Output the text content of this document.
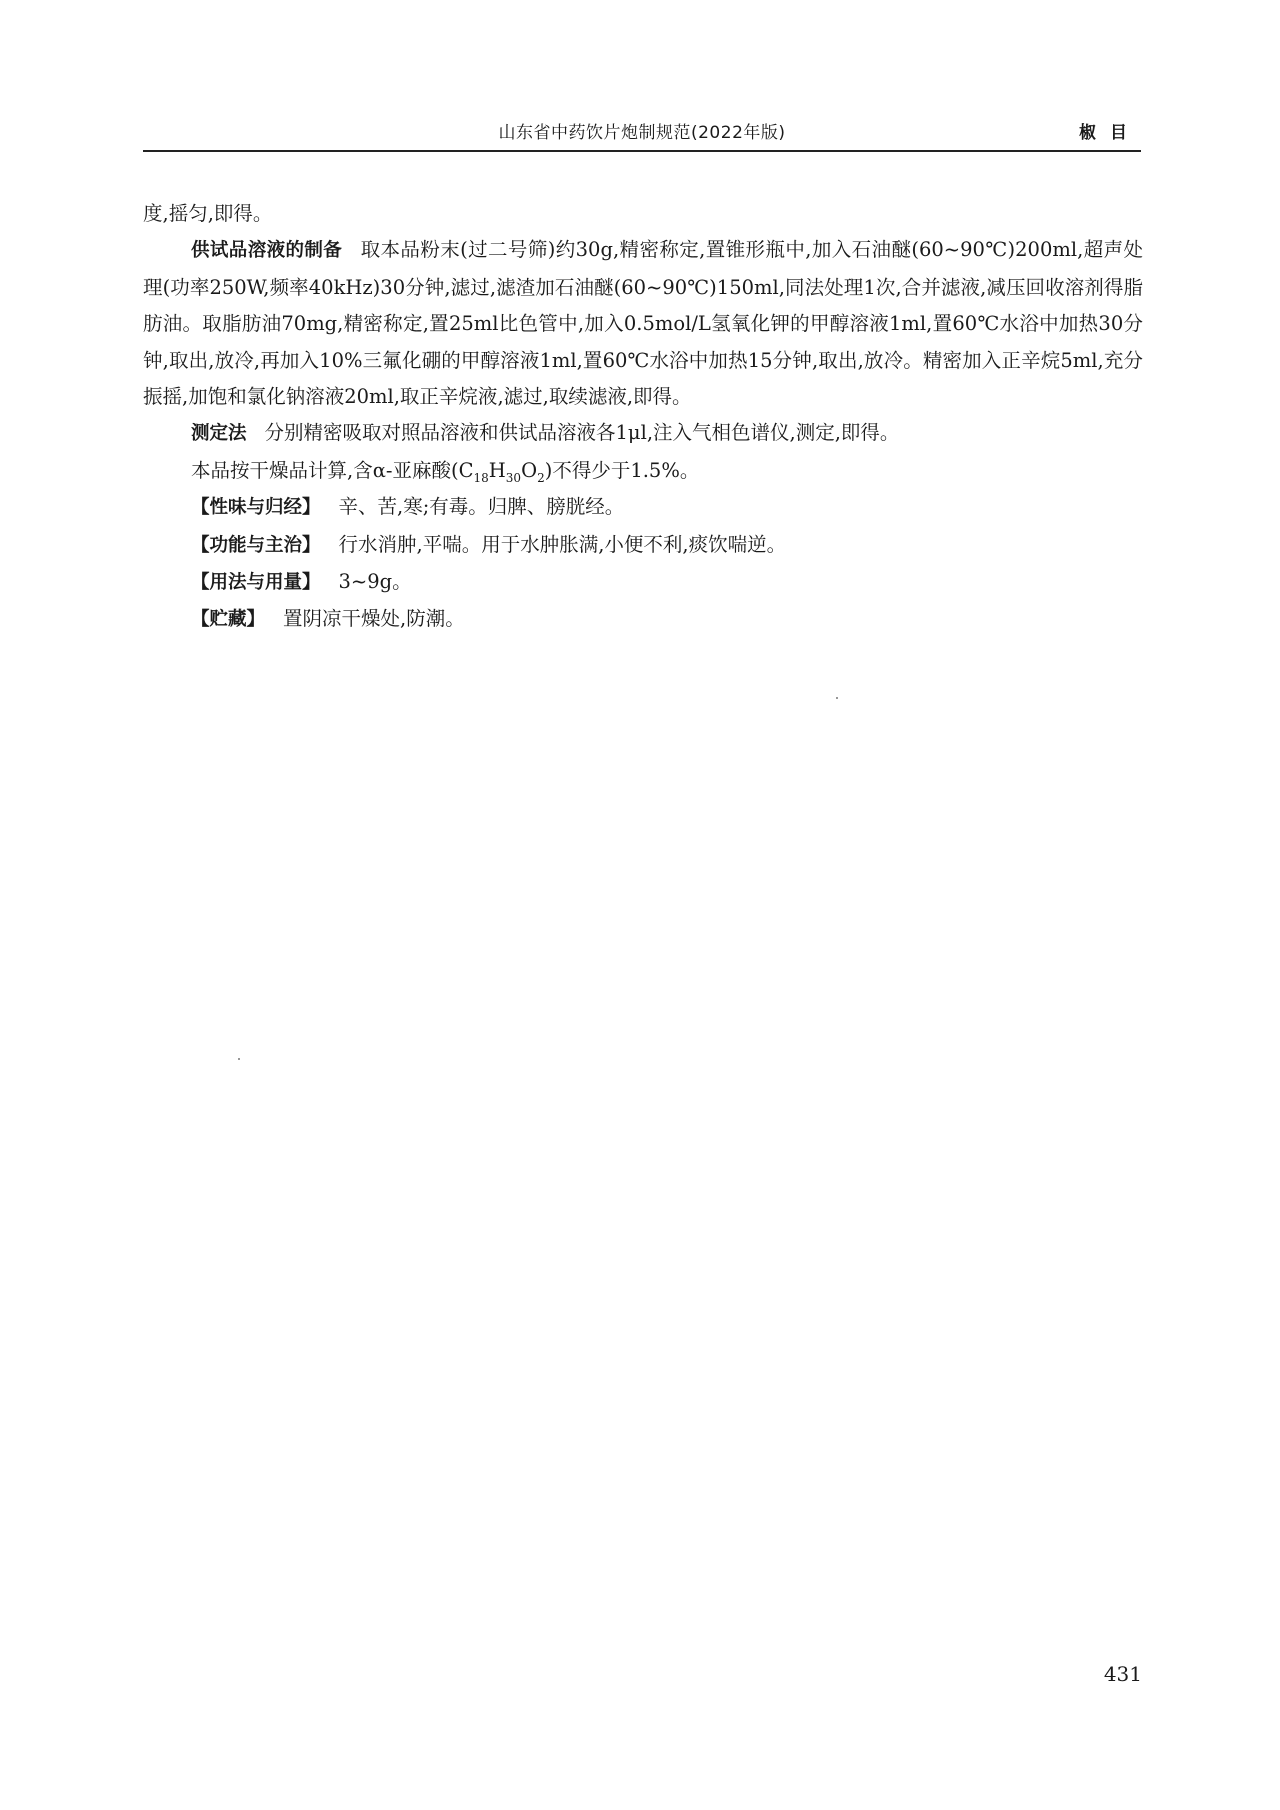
山东省中药饮片炮制规范(2022年版)	椒目

度,摇匀,即得。

供试品溶液的制备 取本品粉末(过二号筛)约30g,精密称定,置锥形瓶中,加入石油醚(60~90℃)200ml,超声处理(功率250W,频率40kHz)30分钟,滤过,滤渣加石油醚(60~90℃)150ml,同法处理1次,合并滤液,减压回收溶剂得脂肪油。取脂肪油70mg,精密称定,置25ml比色管中,加入0.5mol/L氢氧化钾的甲醇溶液1ml,置60℃水浴中加热30分钟,取出,放冷,再加入10%三氟化硼的甲醇溶液1ml,置60℃水浴中加热15分钟,取出,放冷。精密加入正辛烷5ml,充分振摇,加饱和氯化钠溶液20ml,取正辛烷液,滤过,取续滤液,即得。

测定法 分别精密吸取对照品溶液和供试品溶液各1μl,注入气相色谱仪,测定,即得。

本品按干燥品计算,含α-亚麻酸$(C_{18}H_{30}O_2)$不得少于1.5%。

【性味与归经】 辛、苦,寒;有毒。归脾、膀胱经。

【功能与主治】 行水消肿,平喘。用于水肿胀满,小便不利,痰饮喘逆。

【用法与用量】 3~9g。

【贮藏】 置阴凉干燥处,防潮。

431
